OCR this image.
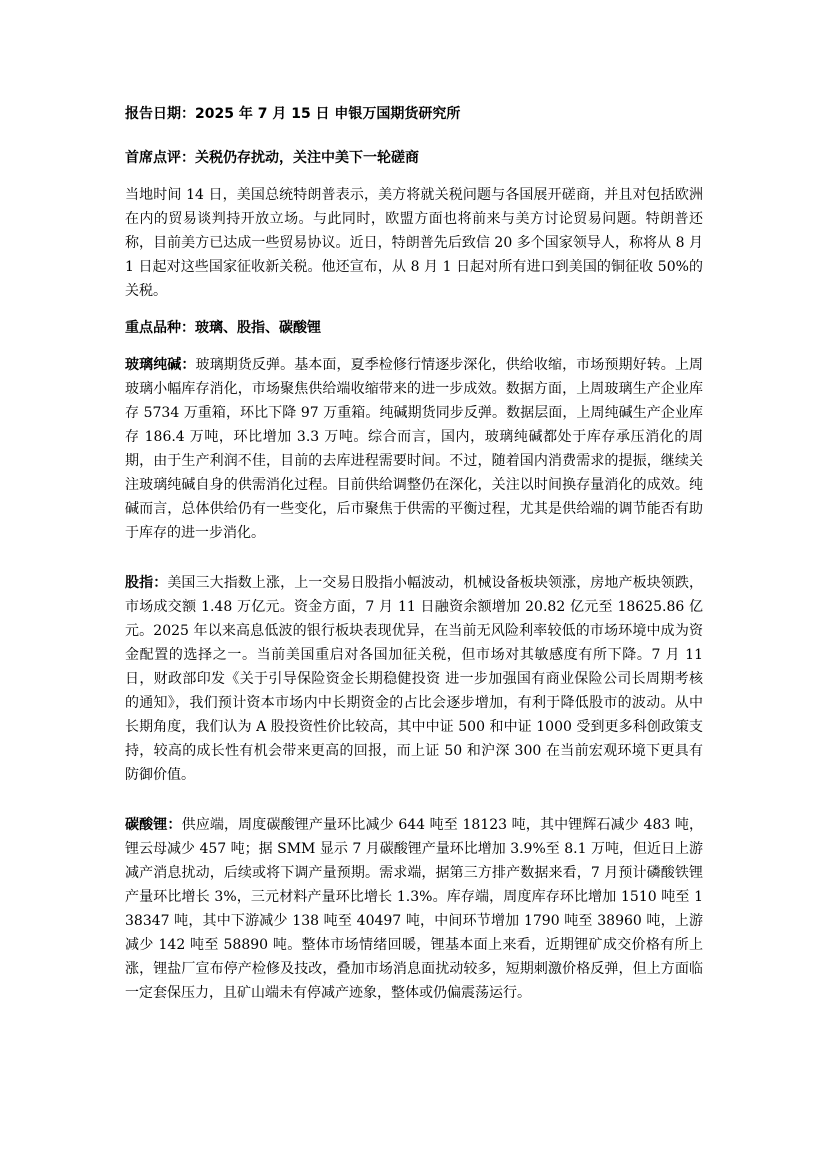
报告日期：2025 年 7 月 15 日 申银万国期货研究所

首席点评：关税仍存扰动，关注中美下一轮磋商

当地时间 14 日，美国总统特朗普表示，美方将就关税问题与各国展开磋商，并且对包括欧洲在内的贸易谈判持开放立场。与此同时，欧盟方面也将前来与美方讨论贸易问题。特朗普还称，目前美方已达成一些贸易协议。近日，特朗普先后致信 20 多个国家领导人，称将从 8 月 1 日起对这些国家征收新关税。他还宣布，从 8 月 1 日起对所有进口到美国的铜征收 50%的关税。

重点品种：玻璃、股指、碳酸锂

玻璃纯碱：玻璃期货反弹。基本面，夏季检修行情逐步深化，供给收缩，市场预期好转。上周玻璃小幅库存消化，市场聚焦供给端收缩带来的进一步成效。数据方面，上周玻璃生产企业库存 5734 万重箱，环比下降 97 万重箱。纯碱期货同步反弹。数据层面，上周纯碱生产企业库存 186.4 万吨，环比增加 3.3 万吨。综合而言，国内，玻璃纯碱都处于库存承压消化的周期，由于生产利润不佳，目前的去库进程需要时间。不过，随着国内消费需求的提振，继续关注玻璃纯碱自身的供需消化过程。目前供给调整仍在深化，关注以时间换存量消化的成效。纯碱而言，总体供给仍有一些变化，后市聚焦于供需的平衡过程，尤其是供给端的调节能否有助于库存的进一步消化。

股指：美国三大指数上涨，上一交易日股指小幅波动，机械设备板块领涨，房地产板块领跌，市场成交额 1.48 万亿元。资金方面，7 月 11 日融资余额增加 20.82 亿元至 18625.86 亿元。2025 年以来高息低波的银行板块表现优异，在当前无风险利率较低的市场环境中成为资金配置的选择之一。当前美国重启对各国加征关税，但市场对其敏感度有所下降。7 月 11 日，财政部印发《关于引导保险资金长期稳健投资 进一步加强国有商业保险公司长周期考核的通知》，我们预计资本市场内中长期资金的占比会逐步增加，有利于降低股市的波动。从中长期角度，我们认为 A 股投资性价比较高，其中中证 500 和中证 1000 受到更多科创政策支持，较高的成长性有机会带来更高的回报，而上证 50 和沪深 300 在当前宏观环境下更具有防御价值。

碳酸锂：供应端，周度碳酸锂产量环比减少 644 吨至 18123 吨，其中锂辉石减少 483 吨，锂云母减少 457 吨；据 SMM 显示 7 月碳酸锂产量环比增加 3.9%至 8.1 万吨，但近日上游减产消息扰动，后续或将下调产量预期。需求端，据第三方排产数据来看，7 月预计磷酸铁锂产量环比增长 3%，三元材料产量环比增长 1.3%。库存端，周度库存环比增加 1510 吨至 138347 吨，其中下游减少 138 吨至 40497 吨，中间环节增加 1790 吨至 38960 吨，上游减少 142 吨至 58890 吨。整体市场情绪回暖，锂基本面上来看，近期锂矿成交价格有所上涨，锂盐厂宣布停产检修及技改，叠加市场消息面扰动较多，短期刺激价格反弹，但上方面临一定套保压力，且矿山端未有停减产迹象，整体或仍偏震荡运行。
